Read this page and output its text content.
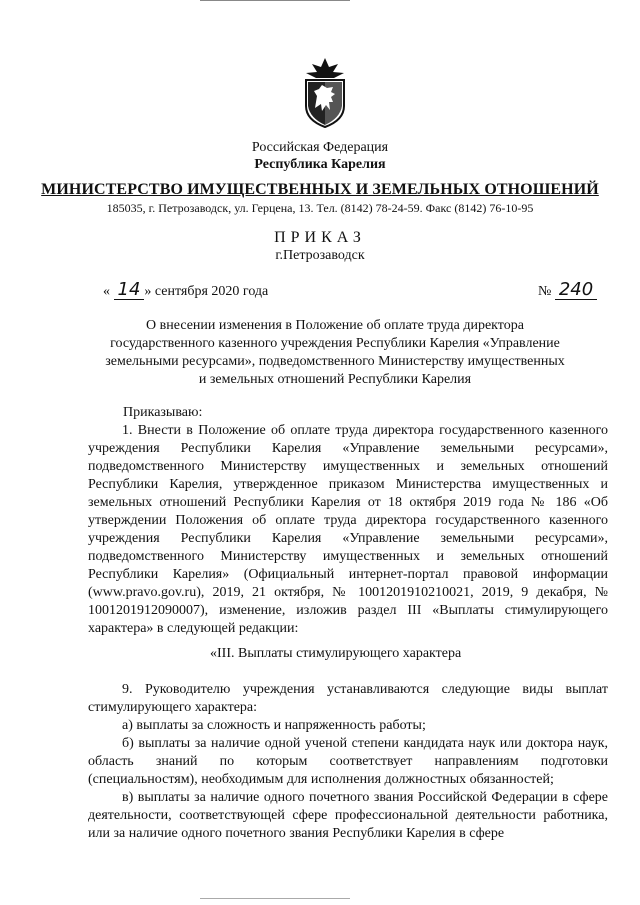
Российская Федерация
Республика Карелия
МИНИСТЕРСТВО ИМУЩЕСТВЕННЫХ И ЗЕМЕЛЬНЫХ ОТНОШЕНИЙ
185035, г. Петрозаводск, ул. Герцена, 13. Тел. (8142) 78-24-59. Факс (8142) 76-10-95
ПРИКАЗ
г.Петрозаводск
« 14 » сентября 2020 года	№ 240
О внесении изменения в Положение об оплате труда директора государственного казенного учреждения Республики Карелия «Управление земельными ресурсами», подведомственного Министерству имущественных и земельных отношений Республики Карелия
Приказываю:
1. Внести в Положение об оплате труда директора государственного казенного учреждения Республики Карелия «Управление земельными ресурсами», подведомственного Министерству имущественных и земельных отношений Республики Карелия, утвержденное приказом Министерства имущественных и земельных отношений Республики Карелия от 18 октября 2019 года № 186 «Об утверждении Положения об оплате труда директора государственного казенного учреждения Республики Карелия «Управление земельными ресурсами», подведомственного Министерству имущественных и земельных отношений Республики Карелия» (Официальный интернет-портал правовой информации (www.pravo.gov.ru), 2019, 21 октября, № 1001201910210021, 2019, 9 декабря, № 1001201912090007), изменение, изложив раздел III «Выплаты стимулирующего характера» в следующей редакции:
«III. Выплаты стимулирующего характера
9. Руководителю учреждения устанавливаются следующие виды выплат стимулирующего характера:
а) выплаты за сложность и напряженность работы;
б) выплаты за наличие одной ученой степени кандидата наук или доктора наук, область знаний по которым соответствует направлениям подготовки (специальностям), необходимым для исполнения должностных обязанностей;
в) выплаты за наличие одного почетного звания Российской Федерации в сфере деятельности, соответствующей сфере профессиональной деятельности работника, или за наличие одного почетного звания Республики Карелия в сфере
